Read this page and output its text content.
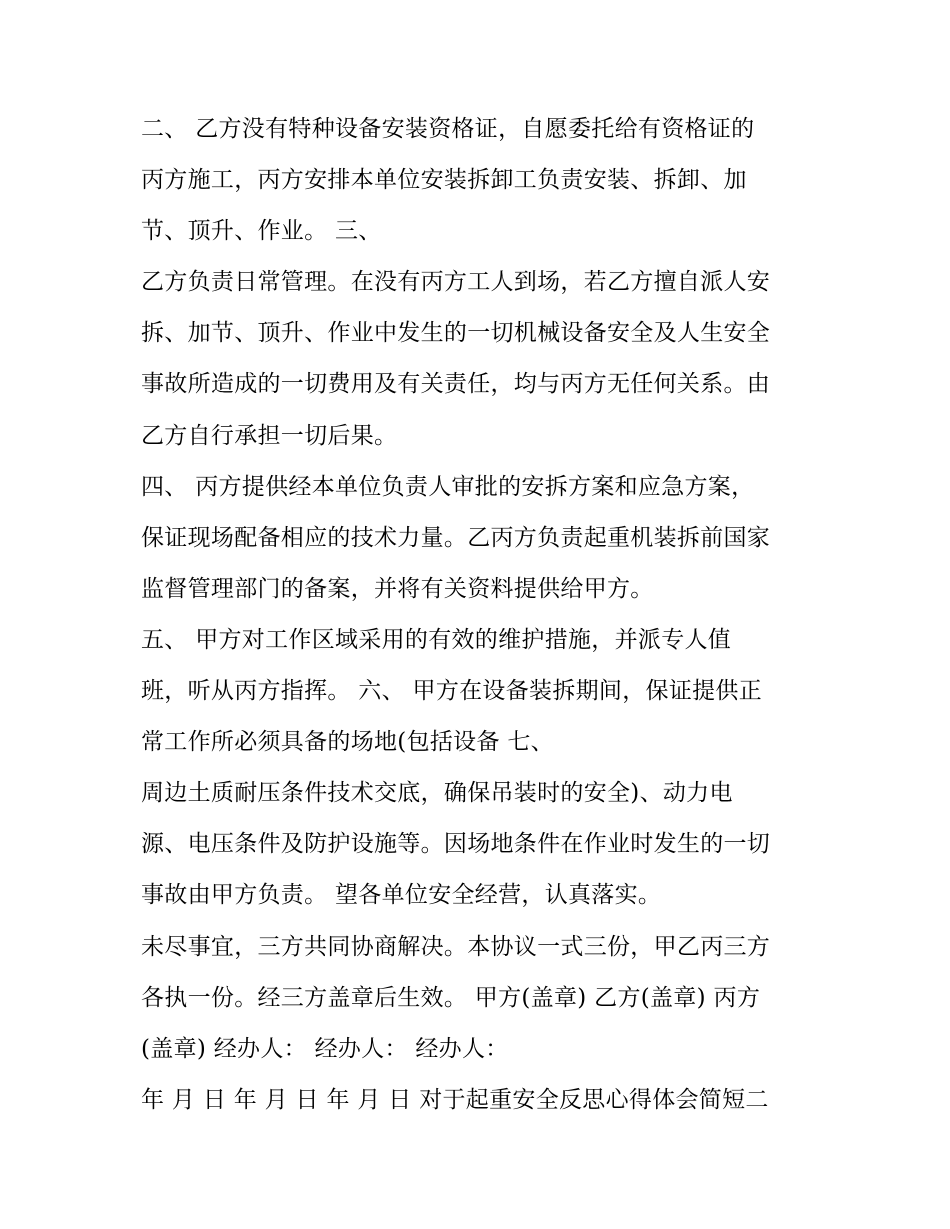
二、 乙方没有特种设备安装资格证，自愿委托给有资格证的
丙方施工，丙方安排本单位安装拆卸工负责安装、拆卸、加
节、顶升、作业。 三、
乙方负责日常管理。在没有丙方工人到场，若乙方擅自派人安
拆、加节、顶升、作业中发生的一切机械设备安全及人生安全
事故所造成的一切费用及有关责任，均与丙方无任何关系。由
乙方自行承担一切后果。
四、 丙方提供经本单位负责人审批的安拆方案和应急方案，
保证现场配备相应的技术力量。乙丙方负责起重机装拆前国家
监督管理部门的备案，并将有关资料提供给甲方。
五、 甲方对工作区域采用的有效的维护措施，并派专人值
班，听从丙方指挥。 六、 甲方在设备装拆期间，保证提供正
常工作所必须具备的场地(包括设备 七、
周边土质耐压条件技术交底，确保吊装时的安全)、动力电
源、电压条件及防护设施等。因场地条件在作业时发生的一切
事故由甲方负责。 望各单位安全经营，认真落实。
未尽事宜，三方共同协商解决。本协议一式三份，甲乙丙三方
各执一份。经三方盖章后生效。 甲方(盖章) 乙方(盖章) 丙方
(盖章) 经办人： 经办人： 经办人：
年 月 日 年 月 日 年 月 日 对于起重安全反思心得体会简短二
